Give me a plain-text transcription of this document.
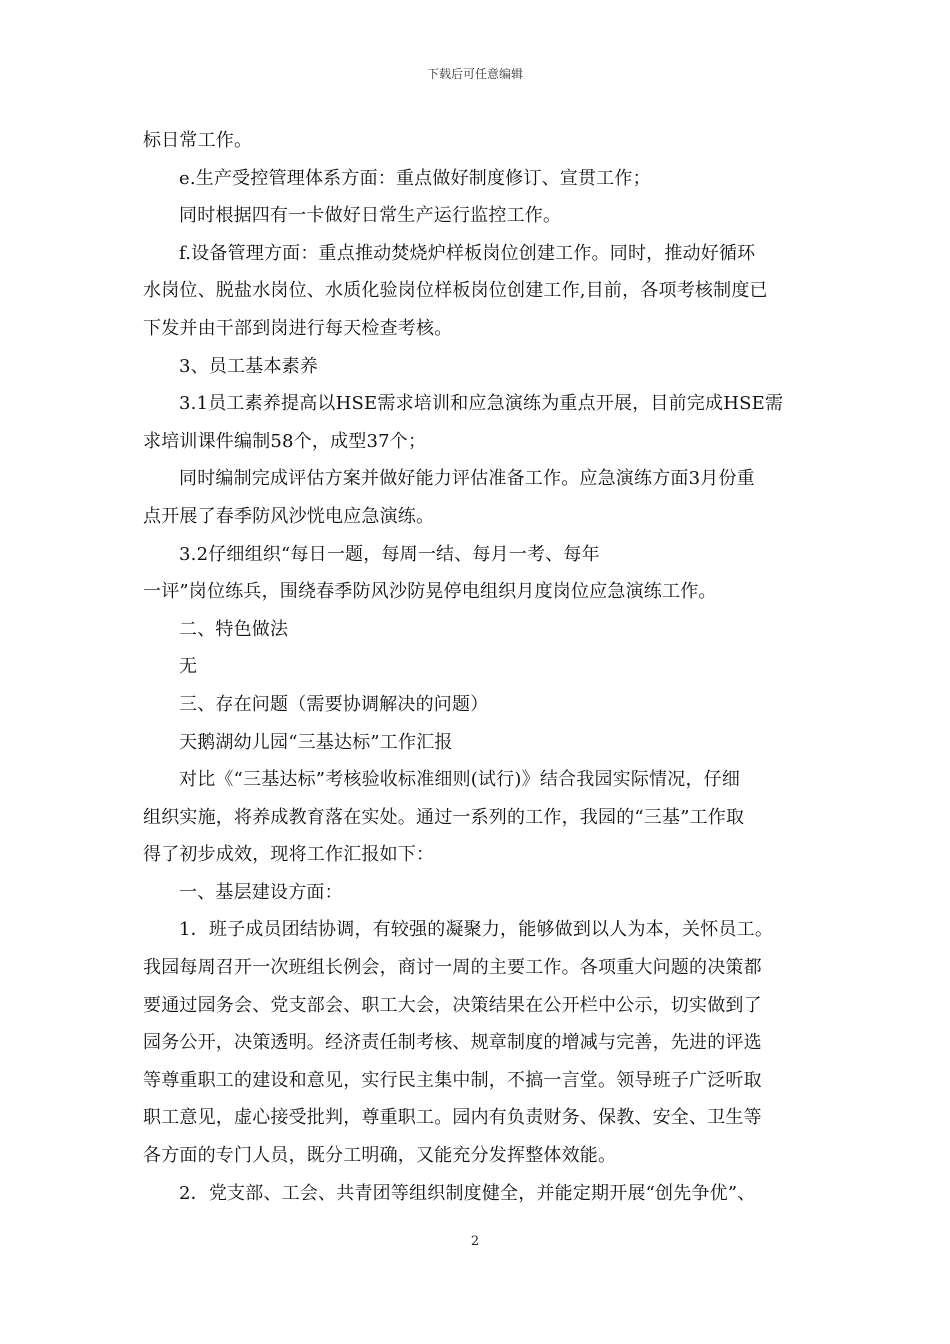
下载后可任意编辑
标日常工作。
e.生产受控管理体系方面：重点做好制度修订、宣贯工作；
同时根据四有一卡做好日常生产运行监控工作。
f.设备管理方面：重点推动焚烧炉样板岗位创建工作。同时，推动好循环
水岗位、脱盐水岗位、水质化验岗位样板岗位创建工作,目前，各项考核制度已
下发并由干部到岗进行每天检查考核。
3、员工基本素养
3.1员工素养提高以HSE需求培训和应急演练为重点开展，目前完成HSE需
求培训课件编制58个，成型37个；
同时编制完成评估方案并做好能力评估准备工作。应急演练方面3月份重
点开展了春季防风沙恍电应急演练。
3.2仔细组织“每日一题，每周一结、每月一考、每年
一评”岗位练兵，围绕春季防风沙防晃停电组织月度岗位应急演练工作。
二、特色做法
无
三、存在问题（需要协调解决的问题）
天鹅湖幼儿园“三基达标”工作汇报
对比《“三基达标”考核验收标准细则(试行)》结合我园实际情况，仔细
组织实施，将养成教育落在实处。通过一系列的工作，我园的“三基”工作取
得了初步成效，现将工作汇报如下：
一、基层建设方面：
1．班子成员团结协调，有较强的凝聚力，能够做到以人为本，关怀员工。
我园每周召开一次班组长例会，商讨一周的主要工作。各项重大问题的决策都
要通过园务会、党支部会、职工大会，决策结果在公开栏中公示，切实做到了
园务公开，决策透明。经济责任制考核、规章制度的增减与完善，先进的评选
等尊重职工的建设和意见，实行民主集中制，不搞一言堂。领导班子广泛听取
职工意见，虚心接受批判，尊重职工。园内有负责财务、保教、安全、卫生等
各方面的专门人员，既分工明确，又能充分发挥整体效能。
2．党支部、工会、共青团等组织制度健全，并能定期开展“创先争优”、
2
